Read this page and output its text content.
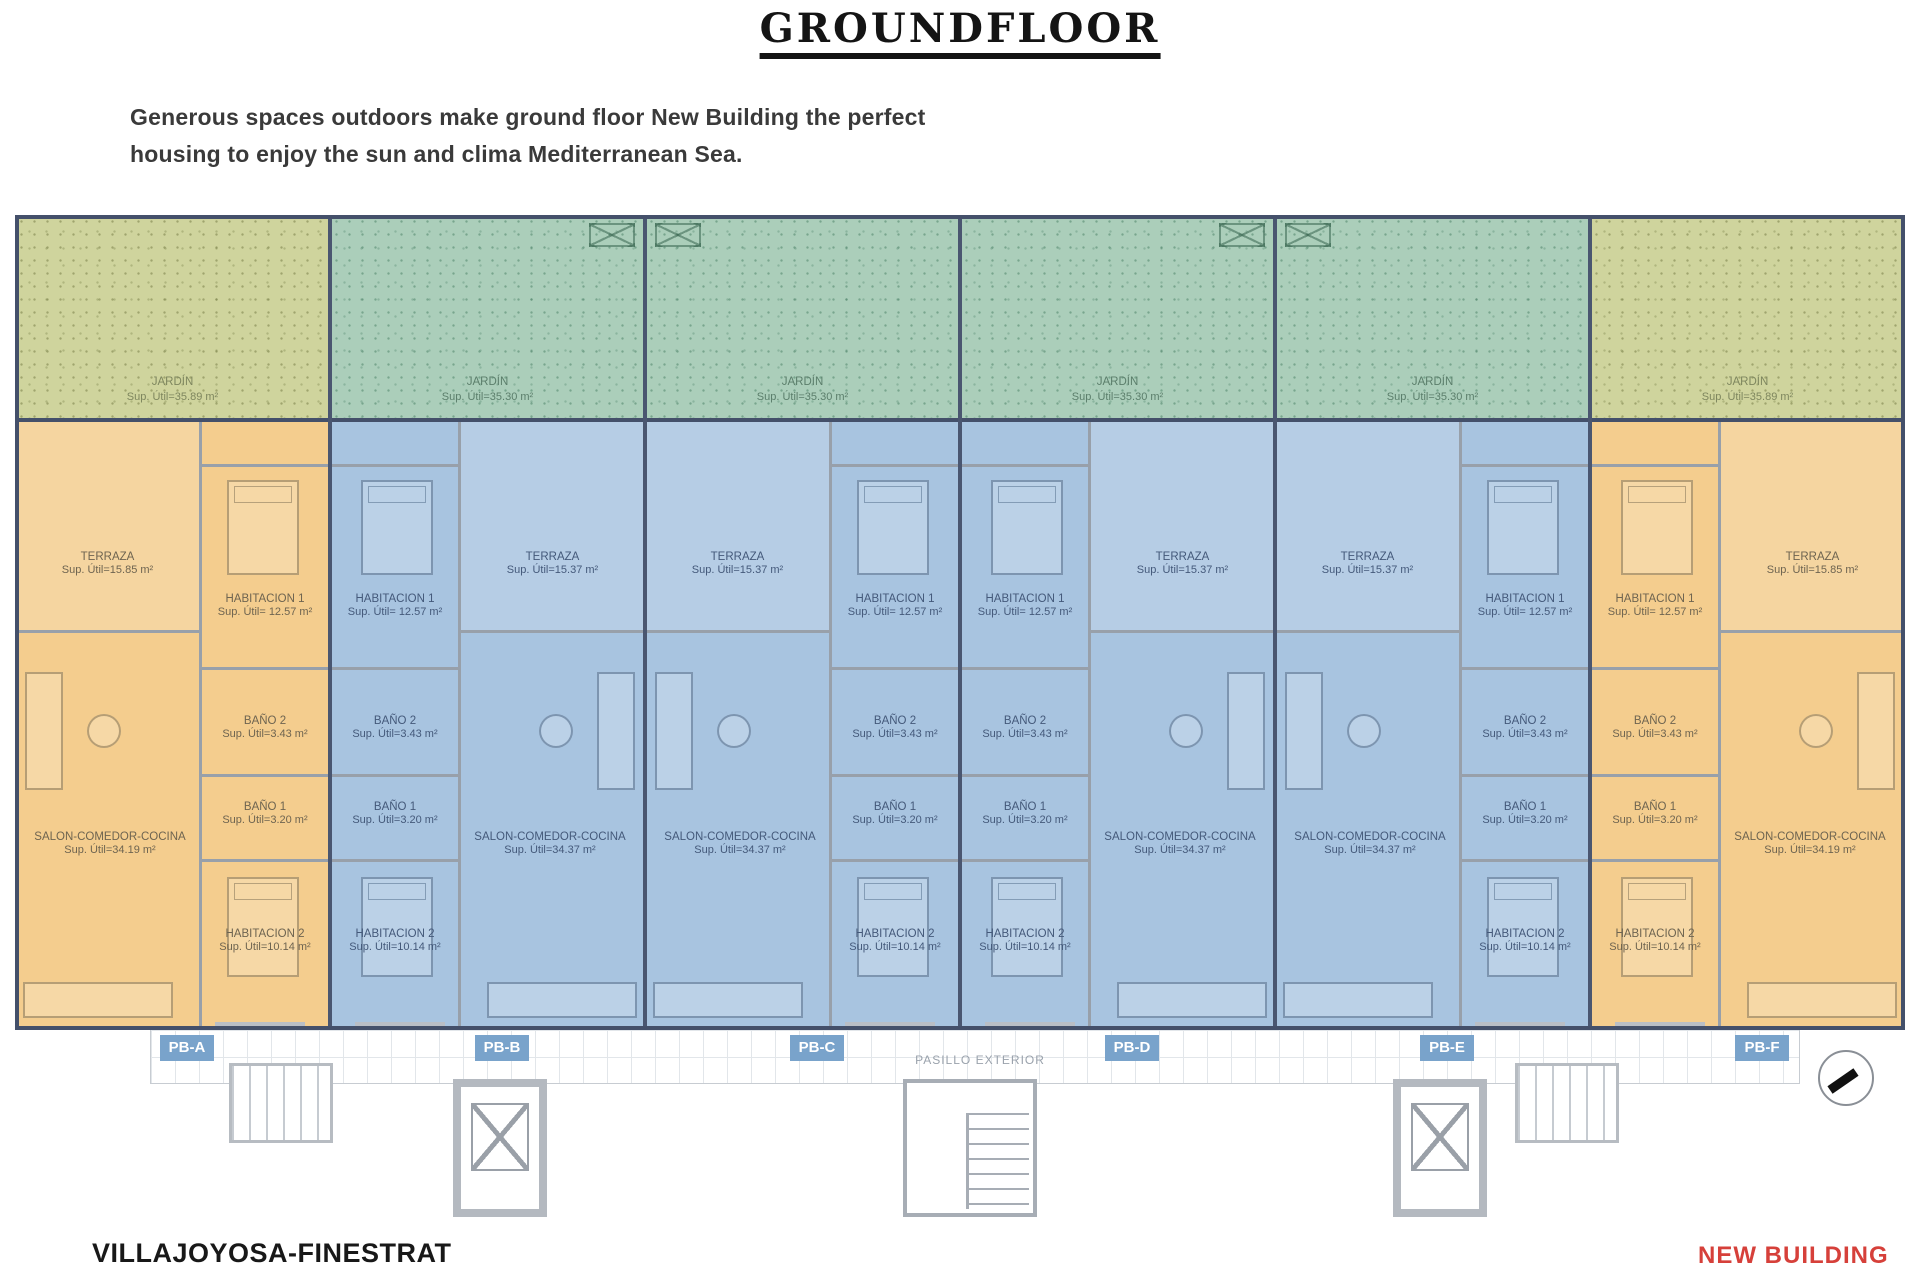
GROUNDFLOOR
Generous spaces outdoors make ground floor New Building the perfect
housing to enjoy the sun and clima Mediterranean Sea.
JARDÍN
Sup. Útil=35.89 m²
JARDÍN
Sup. Útil=35.30 m²
JARDÍN
Sup. Útil=35.30 m²
JARDÍN
Sup. Útil=35.30 m²
JARDÍN
Sup. Útil=35.30 m²
JARDÍN
Sup. Útil=35.89 m²
TERRAZA
Sup. Útil=15.85 m²
HABITACION 1
Sup. Útil= 12.57 m²
BAÑO 2
Sup. Útil=3.43 m²
BAÑO 1
Sup. Útil=3.20 m²
SALON-COMEDOR-COCINA
Sup. Útil=34.19 m²
HABITACION 2
Sup. Útil=10.14 m²
TERRAZA
Sup. Útil=15.37 m²
HABITACION 1
Sup. Útil= 12.57 m²
BAÑO 2
Sup. Útil=3.43 m²
BAÑO 1
Sup. Útil=3.20 m²
SALON-COMEDOR-COCINA
Sup. Útil=34.37 m²
HABITACION 2
Sup. Útil=10.14 m²
TERRAZA
Sup. Útil=15.37 m²
HABITACION 1
Sup. Útil= 12.57 m²
BAÑO 2
Sup. Útil=3.43 m²
BAÑO 1
Sup. Útil=3.20 m²
SALON-COMEDOR-COCINA
Sup. Útil=34.37 m²
HABITACION 2
Sup. Útil=10.14 m²
TERRAZA
Sup. Útil=15.37 m²
HABITACION 1
Sup. Útil= 12.57 m²
BAÑO 2
Sup. Útil=3.43 m²
BAÑO 1
Sup. Útil=3.20 m²
SALON-COMEDOR-COCINA
Sup. Útil=34.37 m²
HABITACION 2
Sup. Útil=10.14 m²
TERRAZA
Sup. Útil=15.37 m²
HABITACION 1
Sup. Útil= 12.57 m²
BAÑO 2
Sup. Útil=3.43 m²
BAÑO 1
Sup. Útil=3.20 m²
SALON-COMEDOR-COCINA
Sup. Útil=34.37 m²
HABITACION 2
Sup. Útil=10.14 m²
TERRAZA
Sup. Útil=15.85 m²
HABITACION 1
Sup. Útil= 12.57 m²
BAÑO 2
Sup. Útil=3.43 m²
BAÑO 1
Sup. Útil=3.20 m²
SALON-COMEDOR-COCINA
Sup. Útil=34.19 m²
HABITACION 2
Sup. Útil=10.14 m²
PB-A	PB-B	PB-C	PB-D	PB-E	PB-F
PASILLO EXTERIOR
VILLAJOYOSA-FINESTRAT	NEW BUILDING
